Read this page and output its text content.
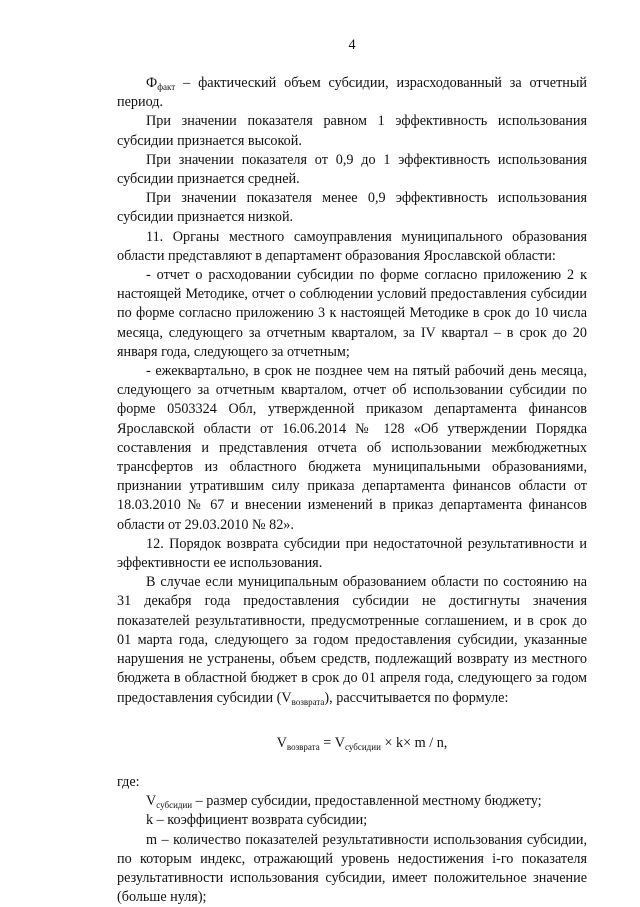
4

$Ф_{факт}$ – фактический объем субсидии, израсходованный за отчетный период.

При значении показателя равном 1 эффективность использования субсидии признается высокой.

При значении показателя от 0,9 до 1 эффективность использования субсидии признается средней.

При значении показателя менее 0,9 эффективность использования субсидии признается низкой.

11. Органы местного самоуправления муниципального образования области представляют в департамент образования Ярославской области:

- отчет о расходовании субсидии по форме согласно приложению 2 к настоящей Методике, отчет о соблюдении условий предоставления субсидии по форме согласно приложению 3 к настоящей Методике в срок до 10 числа месяца, следующего за отчетным кварталом, за IV квартал – в срок до 20 января года, следующего за отчетным;

- ежеквартально, в срок не позднее чем на пятый рабочий день месяца, следующего за отчетным кварталом, отчет об использовании субсидии по форме 0503324 Обл, утвержденной приказом департамента финансов Ярославской области от 16.06.2014 № 128 «Об утверждении Порядка составления и представления отчета об использовании межбюджетных трансфертов из областного бюджета муниципальными образованиями, признании утратившим силу приказа департамента финансов области от 18.03.2010 № 67 и внесении изменений в приказ департамента финансов области от 29.03.2010 № 82».

12. Порядок возврата субсидии при недостаточной результативности и эффективности ее использования.

В случае если муниципальным образованием области по состоянию на 31 декабря года предоставления субсидии не достигнуты значения показателей результативности, предусмотренные соглашением, и в срок до 01 марта года, следующего за годом предоставления субсидии, указанные нарушения не устранены, объем средств, подлежащий возврату из местного бюджета в областной бюджет в срок до 01 апреля года, следующего за годом предоставления субсидии $(V_{возврата})$, рассчитывается по формуле:

$V_{возврата} = V_{субсидии} \times k\times m / n$,

где:

$V_{субсидии}$ – размер субсидии, предоставленной местному бюджету;

k – коэффициент возврата субсидии;

m – количество показателей результативности использования субсидии, по которым индекс, отражающий уровень недостижения i-го показателя результативности использования субсидии, имеет положительное значение (больше нуля);
